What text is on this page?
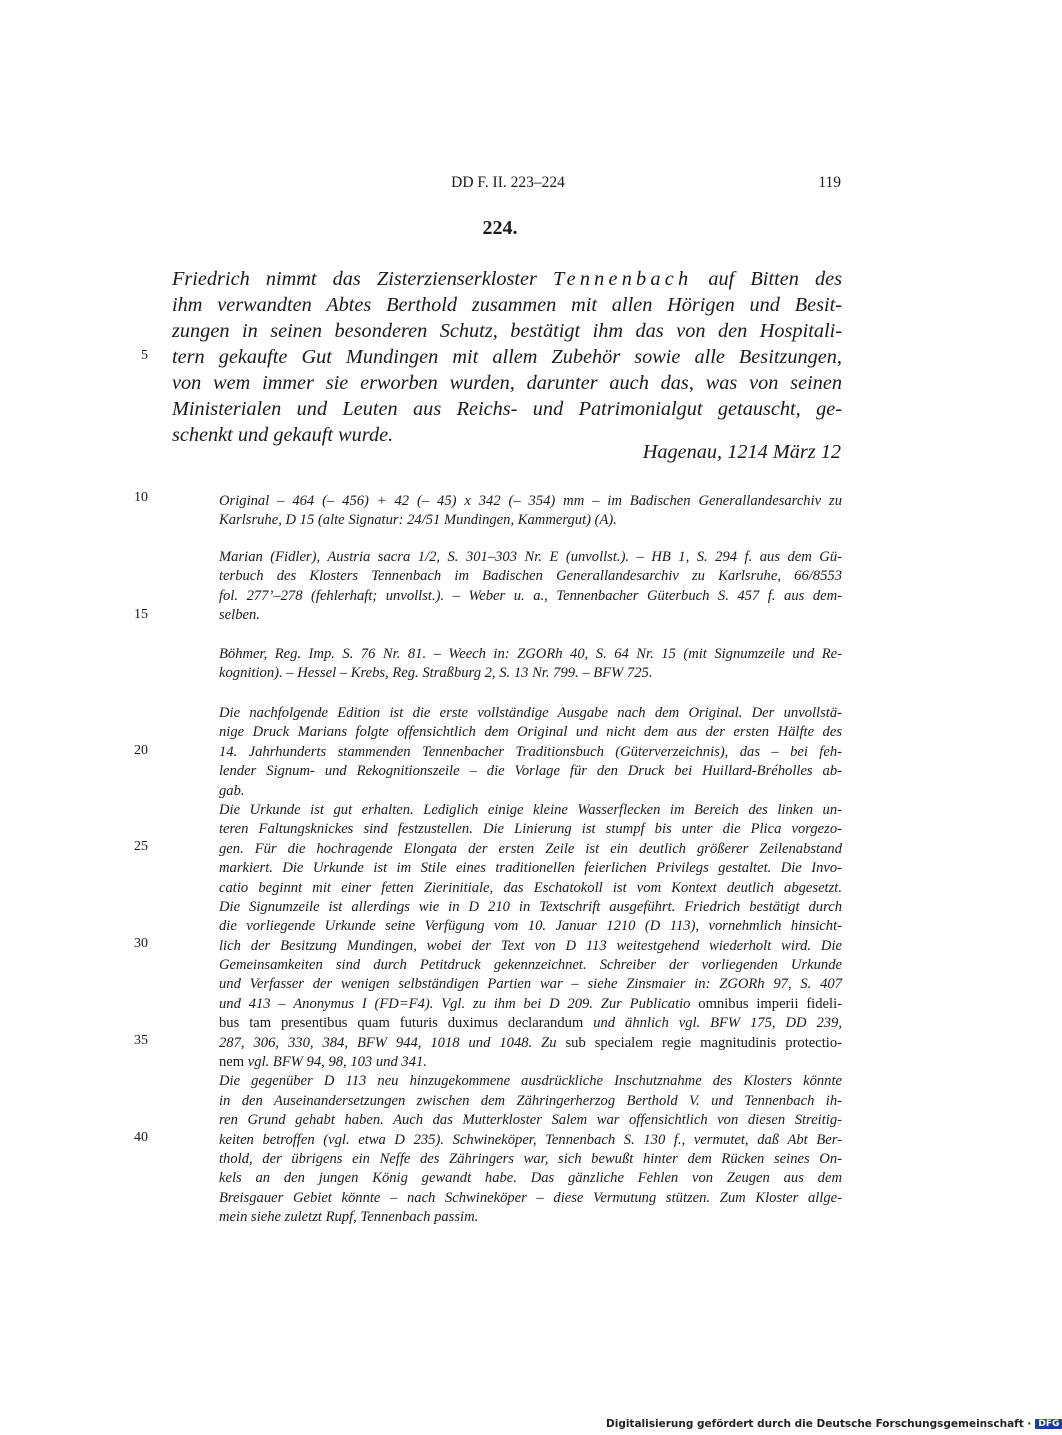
DD F. II. 223–224	119
224.
Friedrich nimmt das Zisterzienserkloster Tennenbach auf Bitten des
ihm verwandten Abtes Berthold zusammen mit allen Hörigen und Besit-
zungen in seinen besonderen Schutz, bestätigt ihm das von den Hospitali-
tern gekaufte Gut Mundingen mit allem Zubehör sowie alle Besitzungen,
von wem immer sie erworben wurden, darunter auch das, was von seinen
Ministerialen und Leuten aus Reichs- und Patrimonialgut getauscht, ge-
schenkt und gekauft wurde.
Hagenau, 1214 März 12
5
10
15
20
25
30
35
40
Original – 464 (– 456) + 42 (– 45) x 342 (– 354) mm – im Badischen Generallandesarchiv zu
Karlsruhe, D 15 (alte Signatur: 24/51 Mundingen, Kammergut) (A).
Marian (Fidler), Austria sacra 1/2, S. 301–303 Nr. E (unvollst.). – HB 1, S. 294 f. aus dem Gü-
terbuch des Klosters Tennenbach im Badischen Generallandesarchiv zu Karlsruhe, 66/8553
fol. 277’–278 (fehlerhaft; unvollst.). – Weber u. a., Tennenbacher Güterbuch S. 457 f. aus dem-
selben.
Böhmer, Reg. Imp. S. 76 Nr. 81. – Weech in: ZGORh 40, S. 64 Nr. 15 (mit Signumzeile und Re-
kognition). – Hessel – Krebs, Reg. Straßburg 2, S. 13 Nr. 799. – BFW 725.
Die nachfolgende Edition ist die erste vollständige Ausgabe nach dem Original. Der unvollstä-
nige Druck Marians folgte offensichtlich dem Original und nicht dem aus der ersten Hälfte des
14. Jahrhunderts stammenden Tennenbacher Traditionsbuch (Güterverzeichnis), das – bei feh-
lender Signum- und Rekognitionszeile – die Vorlage für den Druck bei Huillard-Bréholles ab-
gab.
Die Urkunde ist gut erhalten. Lediglich einige kleine Wasserflecken im Bereich des linken un-
teren Faltungsknickes sind festzustellen. Die Linierung ist stumpf bis unter die Plica vorgezo-
gen. Für die hochragende Elongata der ersten Zeile ist ein deutlich größerer Zeilenabstand
markiert. Die Urkunde ist im Stile eines traditionellen feierlichen Privilegs gestaltet. Die Invo-
catio beginnt mit einer fetten Zierinitiale, das Eschatokoll ist vom Kontext deutlich abgesetzt.
Die Signumzeile ist allerdings wie in D 210 in Textschrift ausgeführt. Friedrich bestätigt durch
die vorliegende Urkunde seine Verfügung vom 10. Januar 1210 (D 113), vornehmlich hinsicht-
lich der Besitzung Mundingen, wobei der Text von D 113 weitestgehend wiederholt wird. Die
Gemeinsamkeiten sind durch Petitdruck gekennzeichnet. Schreiber der vorliegenden Urkunde
und Verfasser der wenigen selbständigen Partien war – siehe Zinsmaier in: ZGORh 97, S. 407
und 413 – Anonymus I (FD=F4). Vgl. zu ihm bei D 209. Zur Publicatio omnibus imperii fideli-
bus tam presentibus quam futuris duximus declarandum und ähnlich vgl. BFW 175, DD 239,
287, 306, 330, 384, BFW 944, 1018 und 1048. Zu sub specialem regie magnitudinis protectio-
nem vgl. BFW 94, 98, 103 und 341.
Die gegenüber D 113 neu hinzugekommene ausdrückliche Inschutznahme des Klosters könnte
in den Auseinandersetzungen zwischen dem Zähringerherzog Berthold V. und Tennenbach ih-
ren Grund gehabt haben. Auch das Mutterkloster Salem war offensichtlich von diesen Streitig-
keiten betroffen (vgl. etwa D 235). Schwineköper, Tennenbach S. 130 f., vermutet, daß Abt Ber-
thold, der übrigens ein Neffe des Zähringers war, sich bewußt hinter dem Rücken seines On-
kels an den jungen König gewandt habe. Das gänzliche Fehlen von Zeugen aus dem
Breisgauer Gebiet könnte – nach Schwineköper – diese Vermutung stützen. Zum Kloster allge-
mein siehe zuletzt Rupf, Tennenbach passim.
Digitalisierung gefördert durch die Deutsche Forschungsgemeinschaft · DFG
